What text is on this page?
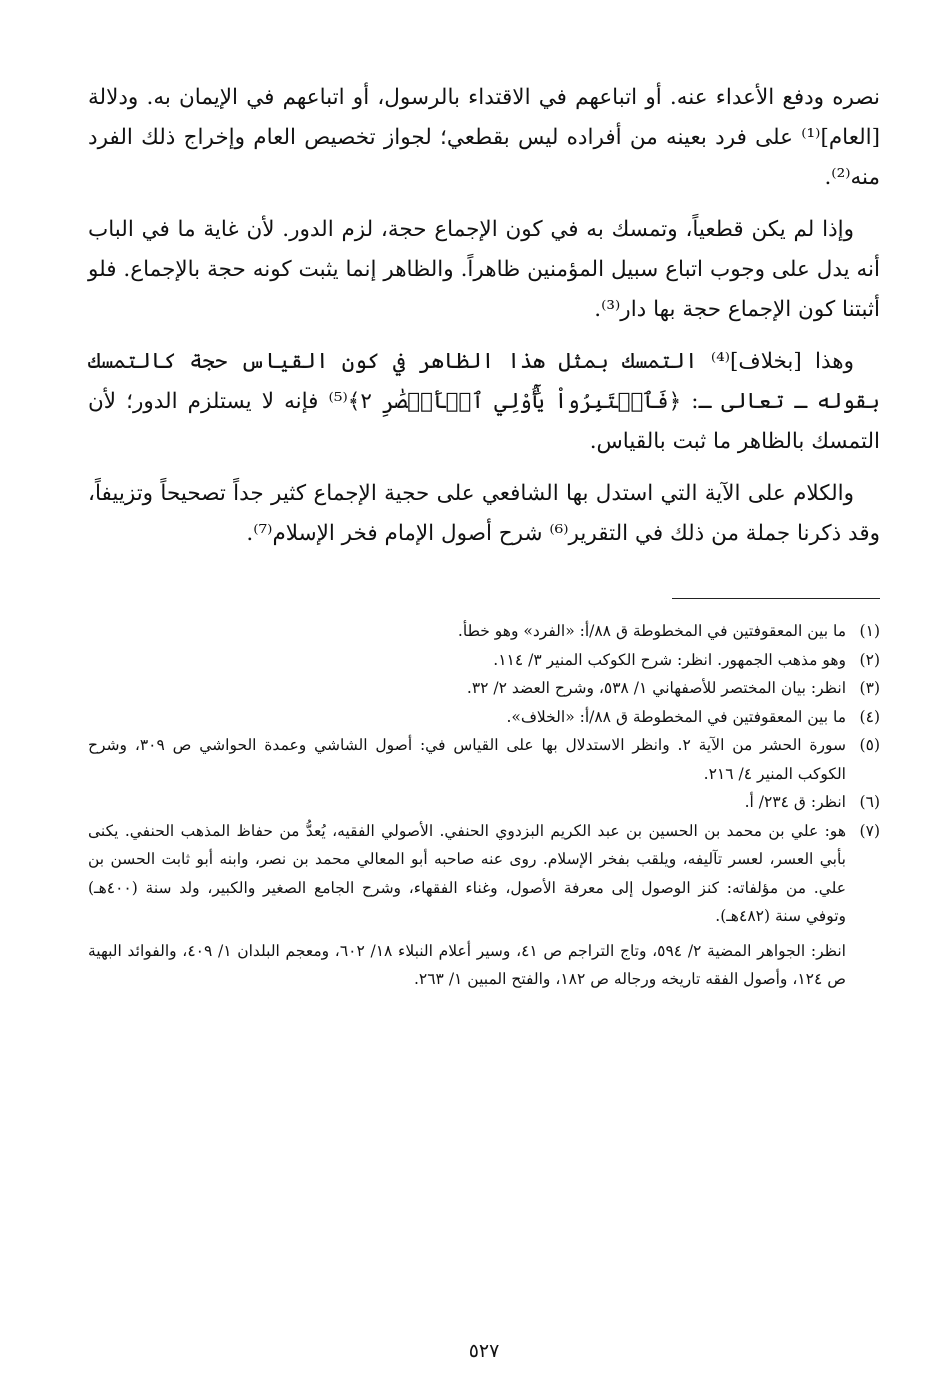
نصره ودفع الأعداء عنه. أو اتباعهم في الاقتداء بالرسول، أو اتباعهم في الإيمان به. ودلالة [العام]⁽¹⁾ على فرد بعينه من أفراده ليس بقطعي؛ لجواز تخصيص العام وإخراج ذلك الفرد منه⁽²⁾.

وإذا لم يكن قطعياً، وتمسك به في كون الإجماع حجة، لزم الدور. لأن غاية ما في الباب أنه يدل على وجوب اتباع سبيل المؤمنين ظاهراً. والظاهر إنما يثبت كونه حجة بالإجماع. فلو أثبتنا كون الإجماع حجة بها دار⁽³⁾.

وهذا [بخلاف]⁽⁴⁾ التمسك بمثل هذا الظاهر في كون القياس حجة كالتمسك بقوله ـ تعالى ـ: ﴿فَٱعۡتَبِرُواْ يَٰٓأُوْلِي ٱلۡأَبۡصَٰرِ ٢﴾⁽⁵⁾ فإنه لا يستلزم الدور؛ لأن التمسك بالظاهر ما ثبت بالقياس.

والكلام على الآية التي استدل بها الشافعي على حجية الإجماع كثير جداً تصحيحاً وتزييفاً، وقد ذكرنا جملة من ذلك في التقرير⁽⁶⁾ شرح أصول الإمام فخر الإسلام⁽⁷⁾.

(١)
ما بين المعقوفتين في المخطوطة ق ٨٨/أ: «الفرد» وهو خطأ.
(٢)
وهو مذهب الجمهور. انظر: شرح الكوكب المنير ٣/ ١١٤.
(٣)
انظر: بيان المختصر للأصفهاني ١/ ٥٣٨، وشرح العضد ٢/ ٣٢.
(٤)
ما بين المعقوفتين في المخطوطة ق ٨٨/أ: «الخلاف».
(٥)
سورة الحشر من الآية ٢. وانظر الاستدلال بها على القياس في: أصول الشاشي وعمدة الحواشي ص ٣٠٩، وشرح الكوكب المنير ٤/ ٢١٦.
(٦)
انظر: ق ٢٣٤/ أ.
(٧)
هو: علي بن محمد بن الحسين بن عبد الكريم البزدوي الحنفي. الأصولي الفقيه، يُعدُّ من حفاظ المذهب الحنفي. يكنى بأبي العسر، لعسر تآليفه، ويلقب بفخر الإسلام. روى عنه صاحبه أبو المعالي محمد بن نصر، وابنه أبو ثابت الحسن بن علي. من مؤلفاته: كنز الوصول إلى معرفة الأصول، وغناء الفقهاء، وشرح الجامع الصغير والكبير، ولد سنة (٤٠٠هـ) وتوفي سنة (٤٨٢هـ).

انظر: الجواهر المضية ٢/ ٥٩٤، وتاج التراجم ص ٤١، وسير أعلام النبلاء ١٨/ ٦٠٢، ومعجم البلدان ١/ ٤٠٩، والفوائد البهية ص ١٢٤، وأصول الفقه تاريخه ورجاله ص ١٨٢، والفتح المبين ١/ ٢٦٣.

٥٢٧
